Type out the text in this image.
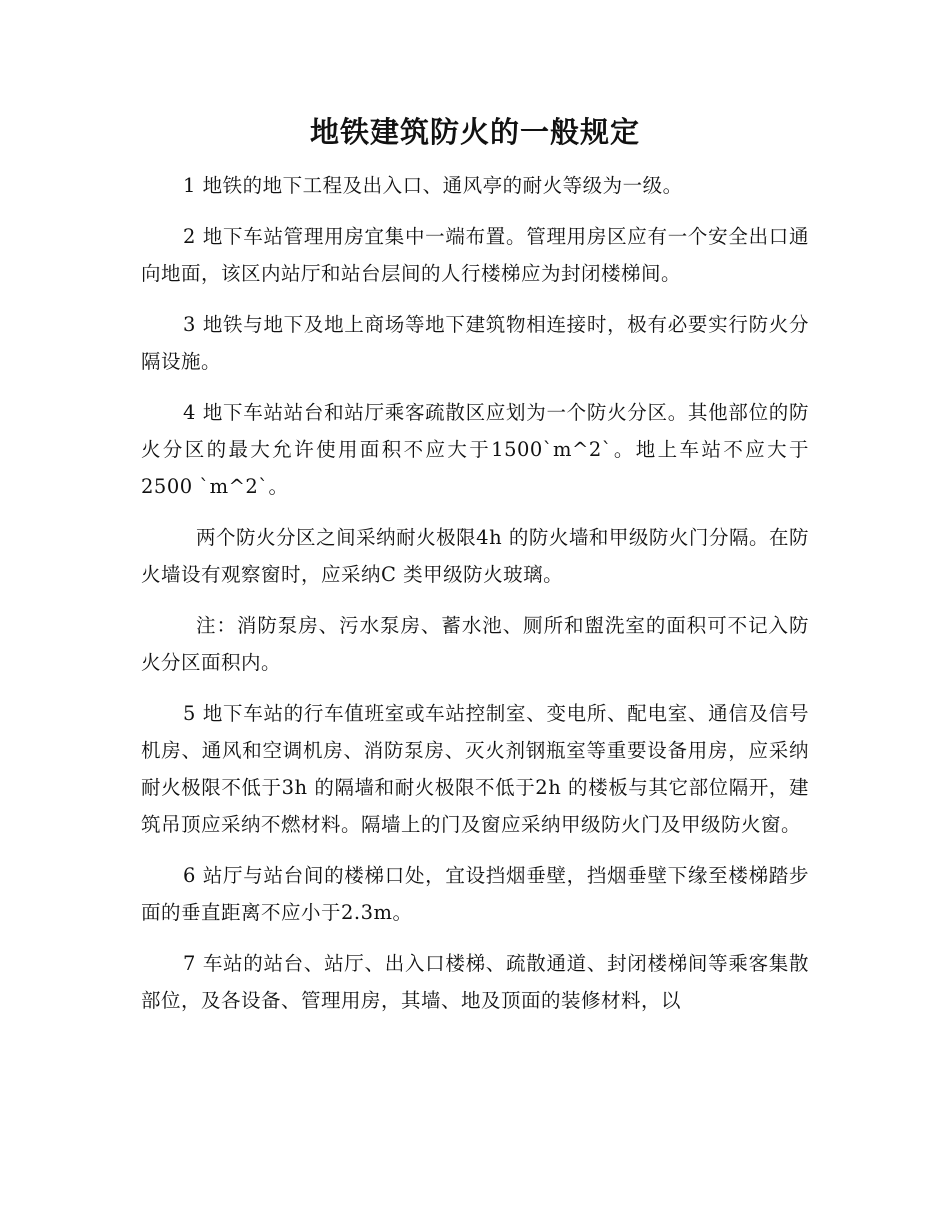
地铁建筑防火的一般规定

1 地铁的地下工程及出入口、通风亭的耐火等级为一级。

2 地下车站管理用房宜集中一端布置。管理用房区应有一个安全出口通向地面，该区内站厅和站台层间的人行楼梯应为封闭楼梯间。

3 地铁与地下及地上商场等地下建筑物相连接时，极有必要实行防火分隔设施。

4 地下车站站台和站厅乘客疏散区应划为一个防火分区。其他部位的防火分区的最大允许使用面积不应大于1500`m^2`。地上车站不应大于2500 `m^2`。

两个防火分区之间采纳耐火极限4h 的防火墙和甲级防火门分隔。在防火墙设有观察窗时，应采纳C 类甲级防火玻璃。

注：消防泵房、污水泵房、蓄水池、厕所和盥洗室的面积可不记入防火分区面积内。

5 地下车站的行车值班室或车站控制室、变电所、配电室、通信及信号机房、通风和空调机房、消防泵房、灭火剂钢瓶室等重要设备用房，应采纳耐火极限不低于3h 的隔墙和耐火极限不低于2h 的楼板与其它部位隔开，建筑吊顶应采纳不燃材料。隔墙上的门及窗应采纳甲级防火门及甲级防火窗。

6 站厅与站台间的楼梯口处，宜设挡烟垂壁，挡烟垂壁下缘至楼梯踏步面的垂直距离不应小于2.3m。

7 车站的站台、站厅、出入口楼梯、疏散通道、封闭楼梯间等乘客集散部位，及各设备、管理用房，其墙、地及顶面的装修材料，以
